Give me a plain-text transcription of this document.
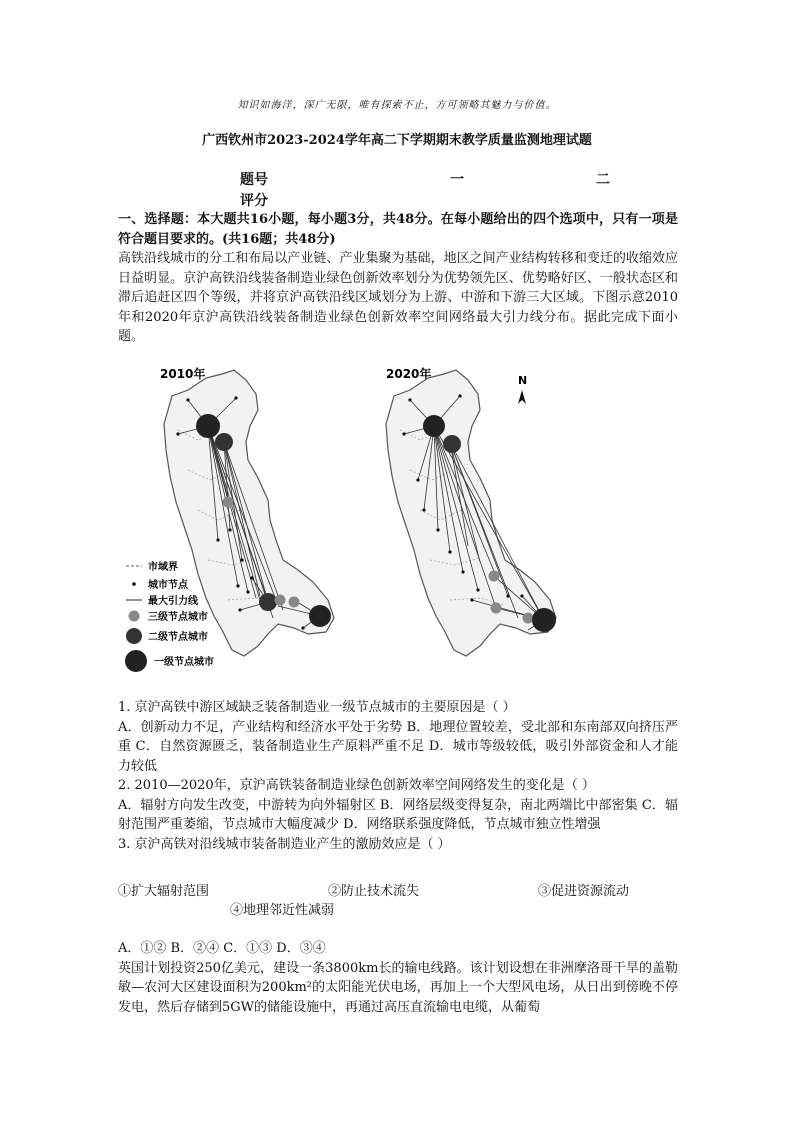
知识如海洋，深广无限，唯有探索不止，方可领略其魅力与价值。
广西钦州市2023-2024学年高二下学期期末教学质量监测地理试题
题号	一	二
评分

一、选择题：本大题共16小题，每小题3分，共48分。在每小题给出的四个选项中，只有一项是符合题目要求的。(共16题；共48分)

高铁沿线城市的分工和布局以产业链、产业集聚为基础，地区之间产业结构转移和变迁的收缩效应日益明显。京沪高铁沿线装备制造业绿色创新效率划分为优势领先区、优势略好区、一般状态区和滞后追赶区四个等级，并将京沪高铁沿线区域划分为上游、中游和下游三大区域。下图示意2010年和2020年京沪高铁沿线装备制造业绿色创新效率空间网络最大引力线分布。据此完成下面小题。

2010年
市域界
城市节点
最大引力线
三级节点城市
二级节点城市
一级节点城市
2020年	N

1. 京沪高铁中游区域缺乏装备制造业一级节点城市的主要原因是（ ）

A．创新动力不足，产业结构和经济水平处于劣势 B．地理位置较差，受北部和东南部双向挤压严重 C．自然资源匮乏，装备制造业生产原料严重不足 D．城市等级较低，吸引外部资金和人才能力较低

2. 2010—2020年，京沪高铁装备制造业绿色创新效率空间网络发生的变化是（ ）

A．辐射方向发生改变，中游转为向外辐射区 B．网络层级变得复杂，南北两端比中部密集 C．辐射范围严重萎缩，节点城市大幅度减少 D．网络联系强度降低，节点城市独立性增强

3. 京沪高铁对沿线城市装备制造业产生的激励效应是（ ）

①扩大辐射范围	②防止技术流失	③促进资源流动
④地理邻近性减弱

A．①② B．②④ C．①③ D．③④

英国计划投资250亿美元，建设一条3800km长的输电线路。该计划设想在非洲摩洛哥干旱的盖勒敏—农河大区建设面积为200km²的太阳能光伏电场，再加上一个大型风电场，从日出到傍晚不停发电，然后存储到5GW的储能设施中，再通过高压直流输电电缆，从葡萄
